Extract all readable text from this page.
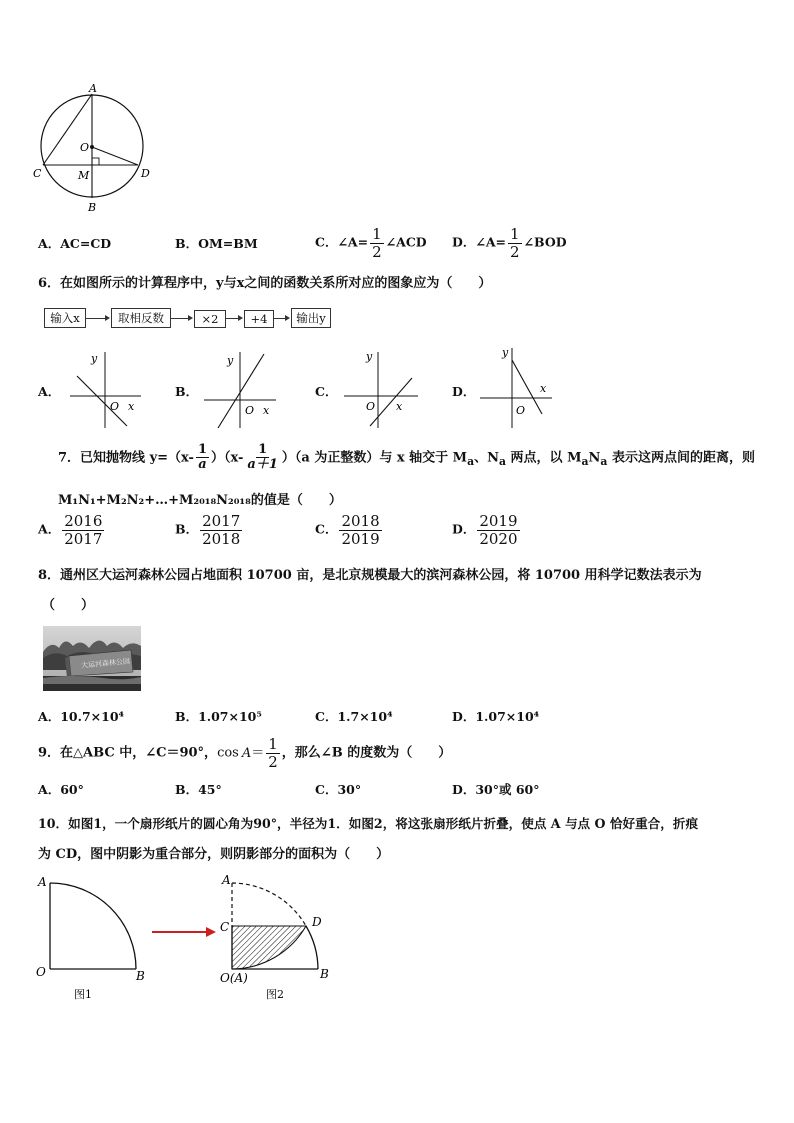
A
O
C	M	D
B
A．AC=CD	B．OM=BM	C．∠A= $\frac{1}{2}$ ∠ACD D．∠A= $\frac{1}{2}$ ∠BOD
6．在如图所示的计算程序中，y与x之间的函数关系所对应的图象应为（　　）
输入x	取相反数	×2	+4	输出y
A．
y
O x
B．
y
O x
C．
y
O x
D．
y
O
x
7．已知抛物线 $y=(x- \frac{1}{a} )(x- \frac{1}{a+1} )(a$ 为正整数）与 x 轴交于 $M_a$、$N_a$ 两点，以 $M_aN_a$ 表示这两点间的距离，则
M₁N₁+M₂N₂+…+M₂₀₁₈N₂₀₁₈的值是（　　）
A． $\frac{2016}{2017}$	B． $\frac{2017}{2018}$	C． $\frac{2018}{2019}$	D． $\frac{2019}{2020}$
8．通州区大运河森林公园占地面积 10700 亩，是北京规模最大的滨河森林公园，将 10700 用科学记数法表示为
（　　）
大运河森林公园
A．10.7×10⁴	B．1.07×10⁵	C．1.7×10⁴	D．1.07×10⁴
9．在△ABC 中，∠C＝90°，$\cos A= \frac{1}{2}$ ，那么∠B 的度数为（　　）
A．60°	B．45°	C．30°	D．30°或 60°
10．如图1，一个扇形纸片的圆心角为90°，半径为1．如图2，将这张扇形纸片折叠，使点 A 与点 O 恰好重合，折痕
为 CD，图中阴影为重合部分，则阴影部分的面积为（　　）
A
O	B
图1
A
C	D
O(A)	B
图2
